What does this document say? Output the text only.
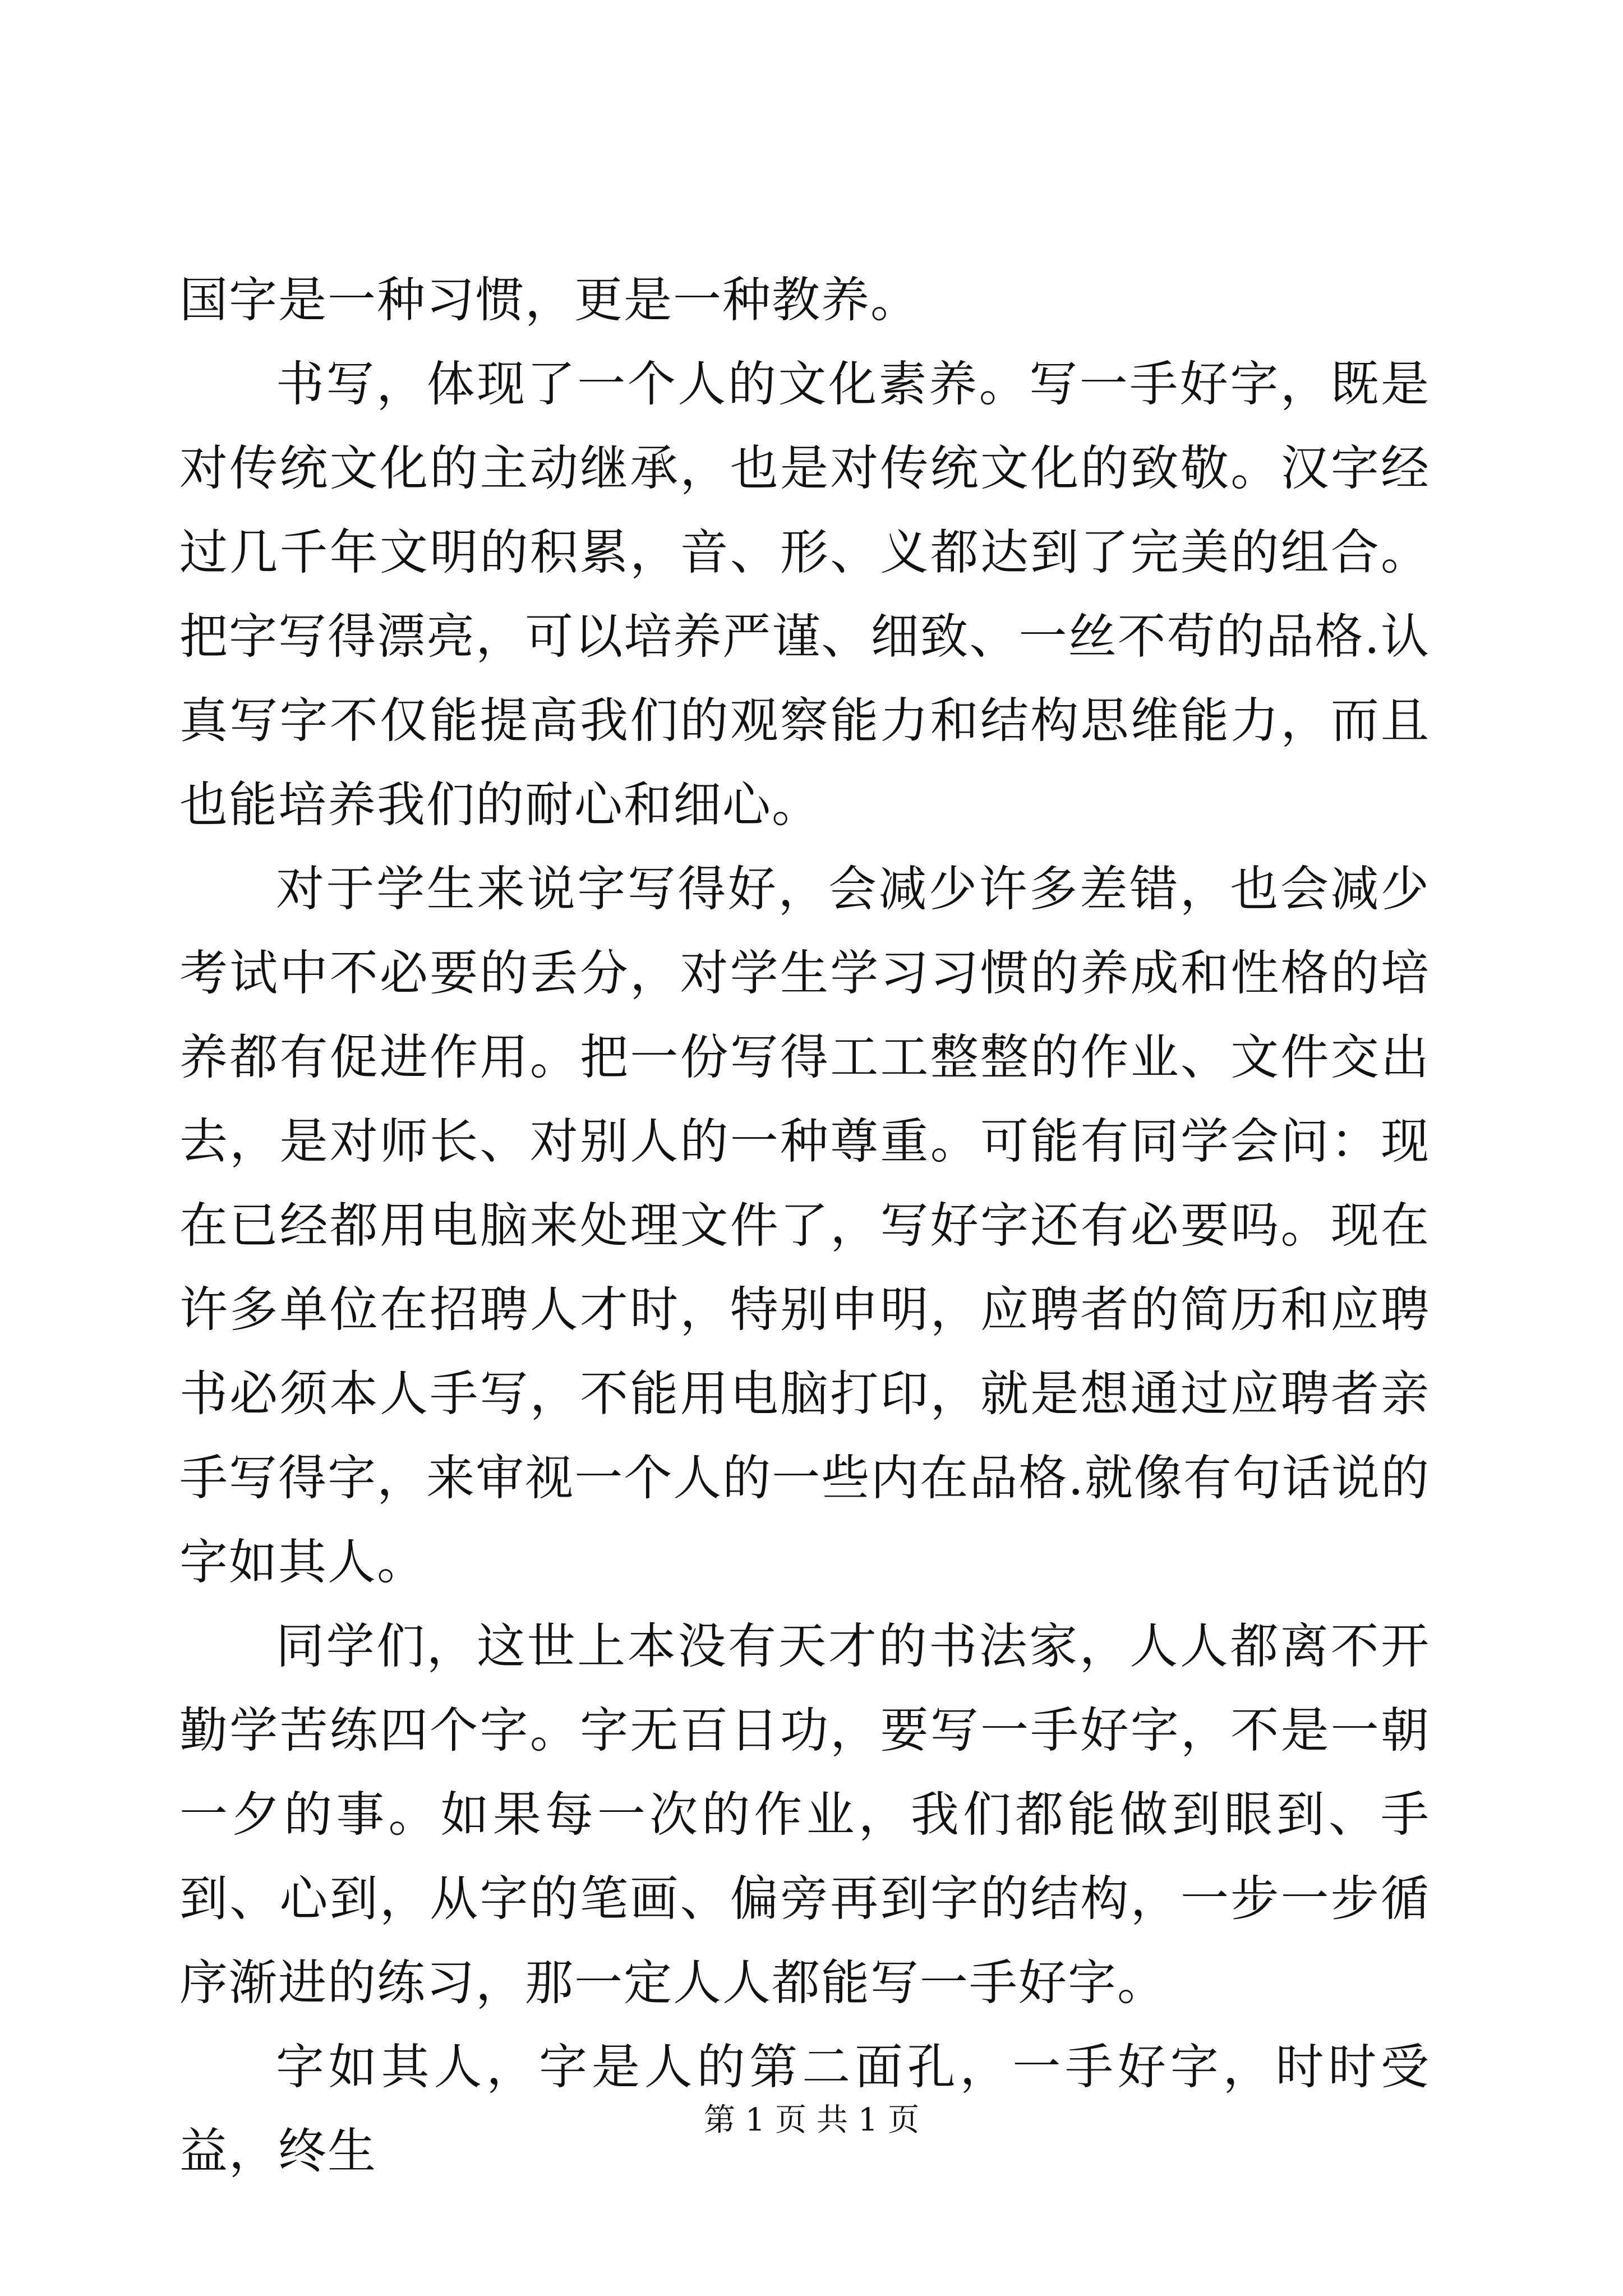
国字是一种习惯，更是一种教养。

书写，体现了一个人的文化素养。写一手好字，既是对传统文化的主动继承，也是对传统文化的致敬。汉字经过几千年文明的积累，音、形、义都达到了完美的组合。把字写得漂亮，可以培养严谨、细致、一丝不苟的品格.认真写字不仅能提高我们的观察能力和结构思维能力，而且也能培养我们的耐心和细心。

对于学生来说字写得好，会减少许多差错，也会减少考试中不必要的丢分，对学生学习习惯的养成和性格的培养都有促进作用。把一份写得工工整整的作业、文件交出去，是对师长、对别人的一种尊重。可能有同学会问：现在已经都用电脑来处理文件了，写好字还有必要吗。现在许多单位在招聘人才时，特别申明，应聘者的简历和应聘书必须本人手写，不能用电脑打印，就是想通过应聘者亲手写得字，来审视一个人的一些内在品格.就像有句话说的字如其人。

同学们，这世上本没有天才的书法家，人人都离不开勤学苦练四个字。字无百日功，要写一手好字，不是一朝一夕的事。如果每一次的作业，我们都能做到眼到、手到、心到，从字的笔画、偏旁再到字的结构，一步一步循序渐进的练习，那一定人人都能写一手好字。

字如其人，字是人的第二面孔，一手好字，时时受益，终生

第 1 页 共 1 页
